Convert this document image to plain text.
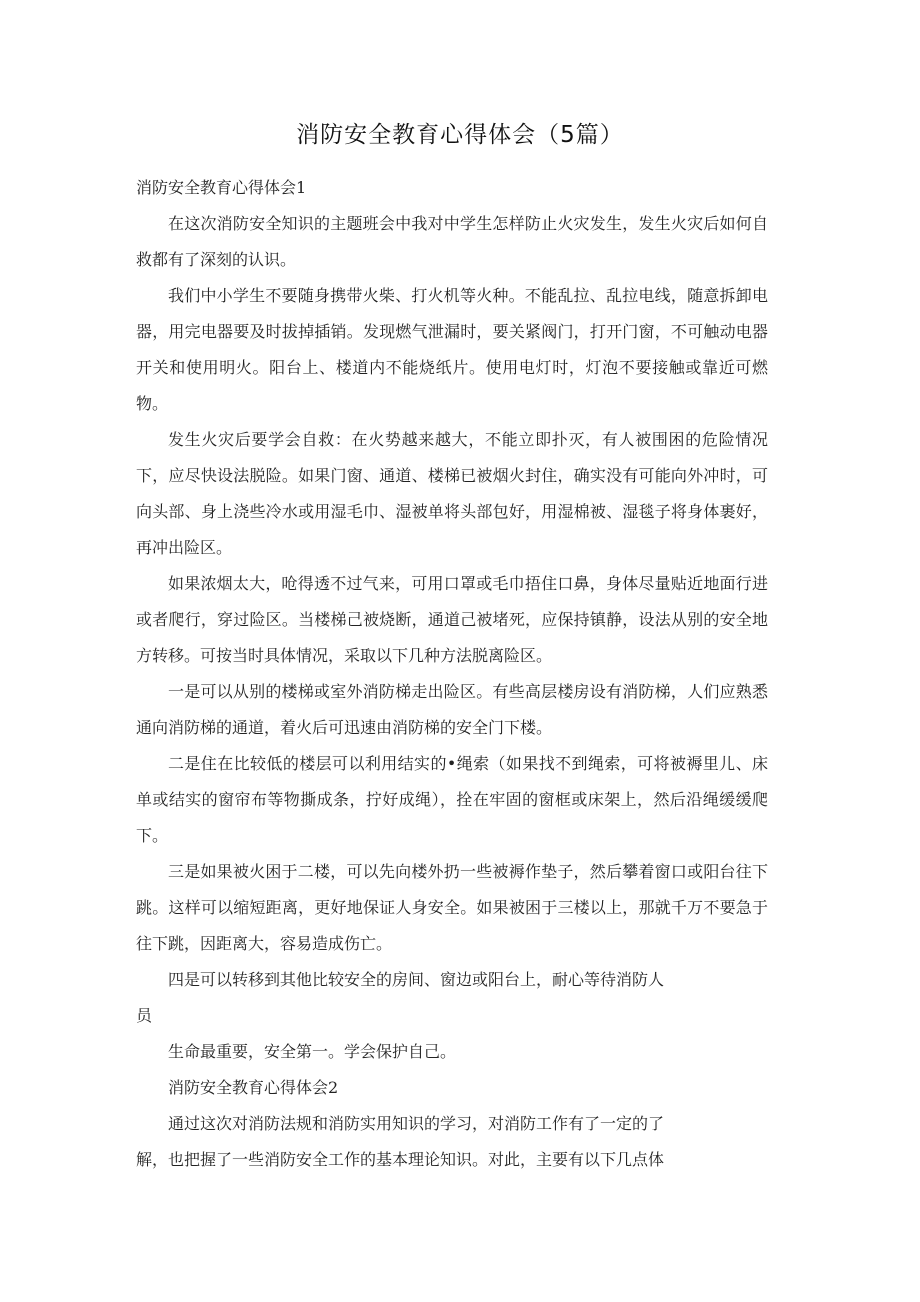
消防安全教育心得体会（5篇）

消防安全教育心得体会1

在这次消防安全知识的主题班会中我对中学生怎样防止火灾发生，发生火灾后如何自救都有了深刻的认识。

我们中小学生不要随身携带火柴、打火机等火种。不能乱拉、乱拉电线，随意拆卸电器，用完电器要及时拔掉插销。发现燃气泄漏时，要关紧阀门，打开门窗，不可触动电器开关和使用明火。阳台上、楼道内不能烧纸片。使用电灯时，灯泡不要接触或靠近可燃物。

发生火灾后要学会自救：在火势越来越大，不能立即扑灭，有人被围困的危险情况下，应尽快设法脱险。如果门窗、通道、楼梯已被烟火封住，确实没有可能向外冲时，可向头部、身上浇些冷水或用湿毛巾、湿被单将头部包好，用湿棉被、湿毯子将身体裹好，再冲出险区。

如果浓烟太大，呛得透不过气来，可用口罩或毛巾捂住口鼻，身体尽量贴近地面行进或者爬行，穿过险区。当楼梯己被烧断，通道己被堵死，应保持镇静，设法从别的安全地方转移。可按当时具体情况，采取以下几种方法脱离险区。

一是可以从别的楼梯或室外消防梯走出险区。有些高层楼房设有消防梯，人们应熟悉通向消防梯的通道，着火后可迅速由消防梯的安全门下楼。

二是住在比较低的楼层可以利用结实的•绳索（如果找不到绳索，可将被褥里儿、床单或结实的窗帘布等物撕成条，拧好成绳），拴在牢固的窗框或床架上，然后沿绳缓缓爬下。

三是如果被火困于二楼，可以先向楼外扔一些被褥作垫子，然后攀着窗口或阳台往下跳。这样可以缩短距离，更好地保证人身安全。如果被困于三楼以上，那就千万不要急于往下跳，因距离大，容易造成伤亡。

四是可以转移到其他比较安全的房间、窗边或阳台上，耐心等待消防人

员

生命最重要，安全第一。学会保护自己。

消防安全教育心得体会2

通过这次对消防法规和消防实用知识的学习，对消防工作有了一定的了

解，也把握了一些消防安全工作的基本理论知识。对此，主要有以下几点体
